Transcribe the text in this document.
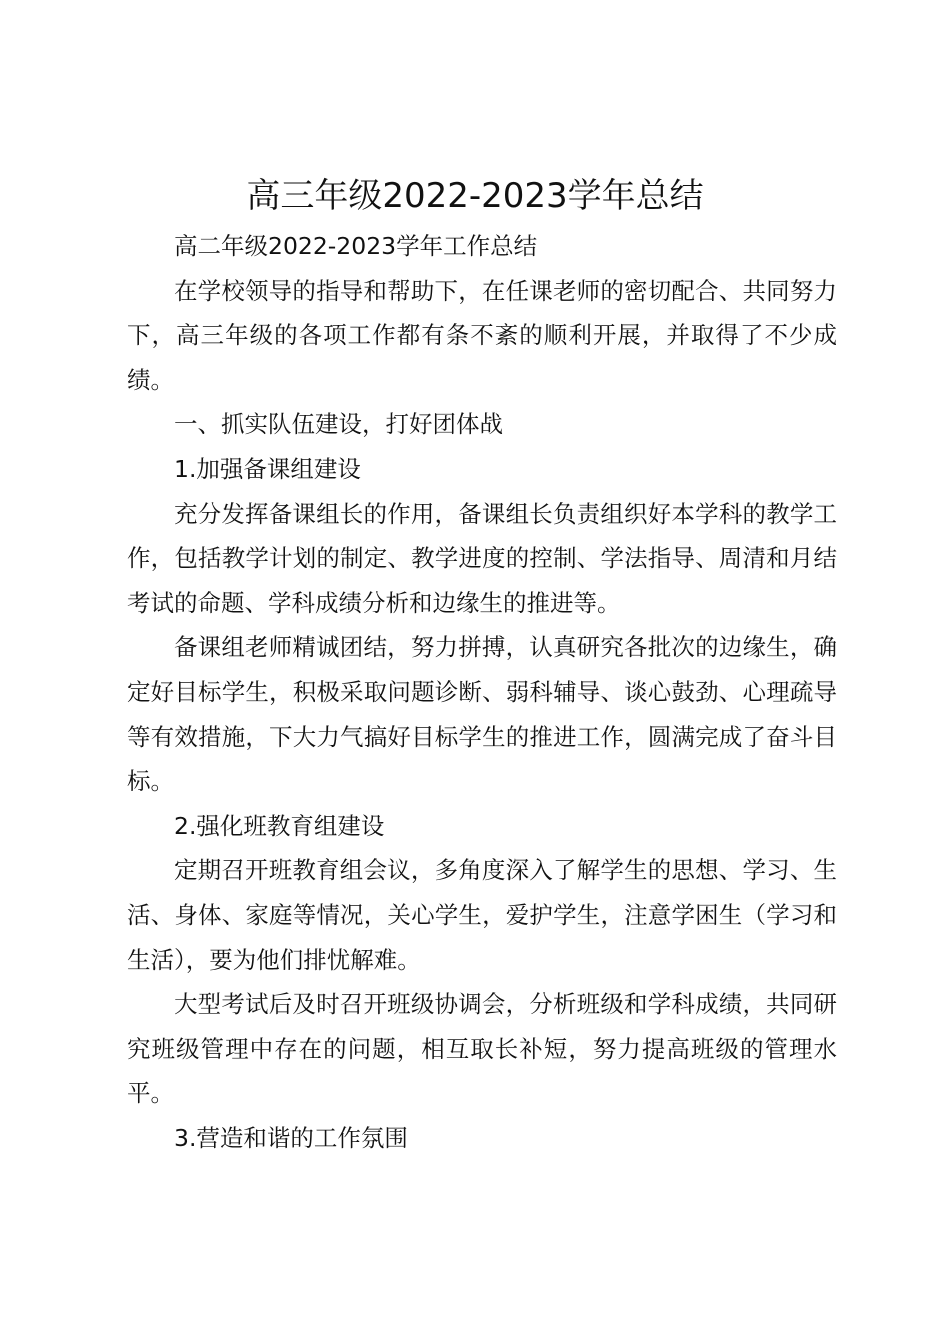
高三年级2022-2023学年总结

高二年级2022-2023学年工作总结

在学校领导的指导和帮助下，在任课老师的密切配合、共同努力下，高三年级的各项工作都有条不紊的顺利开展，并取得了不少成绩。

一、抓实队伍建设，打好团体战

1.加强备课组建设

充分发挥备课组长的作用，备课组长负责组织好本学科的教学工作，包括教学计划的制定、教学进度的控制、学法指导、周清和月结考试的命题、学科成绩分析和边缘生的推进等。

备课组老师精诚团结，努力拼搏，认真研究各批次的边缘生，确定好目标学生，积极采取问题诊断、弱科辅导、谈心鼓劲、心理疏导等有效措施，下大力气搞好目标学生的推进工作，圆满完成了奋斗目标。

2.强化班教育组建设

定期召开班教育组会议，多角度深入了解学生的思想、学习、生活、身体、家庭等情况，关心学生，爱护学生，注意学困生（学习和生活），要为他们排忧解难。

大型考试后及时召开班级协调会，分析班级和学科成绩，共同研究班级管理中存在的问题，相互取长补短，努力提高班级的管理水平。

3.营造和谐的工作氛围
